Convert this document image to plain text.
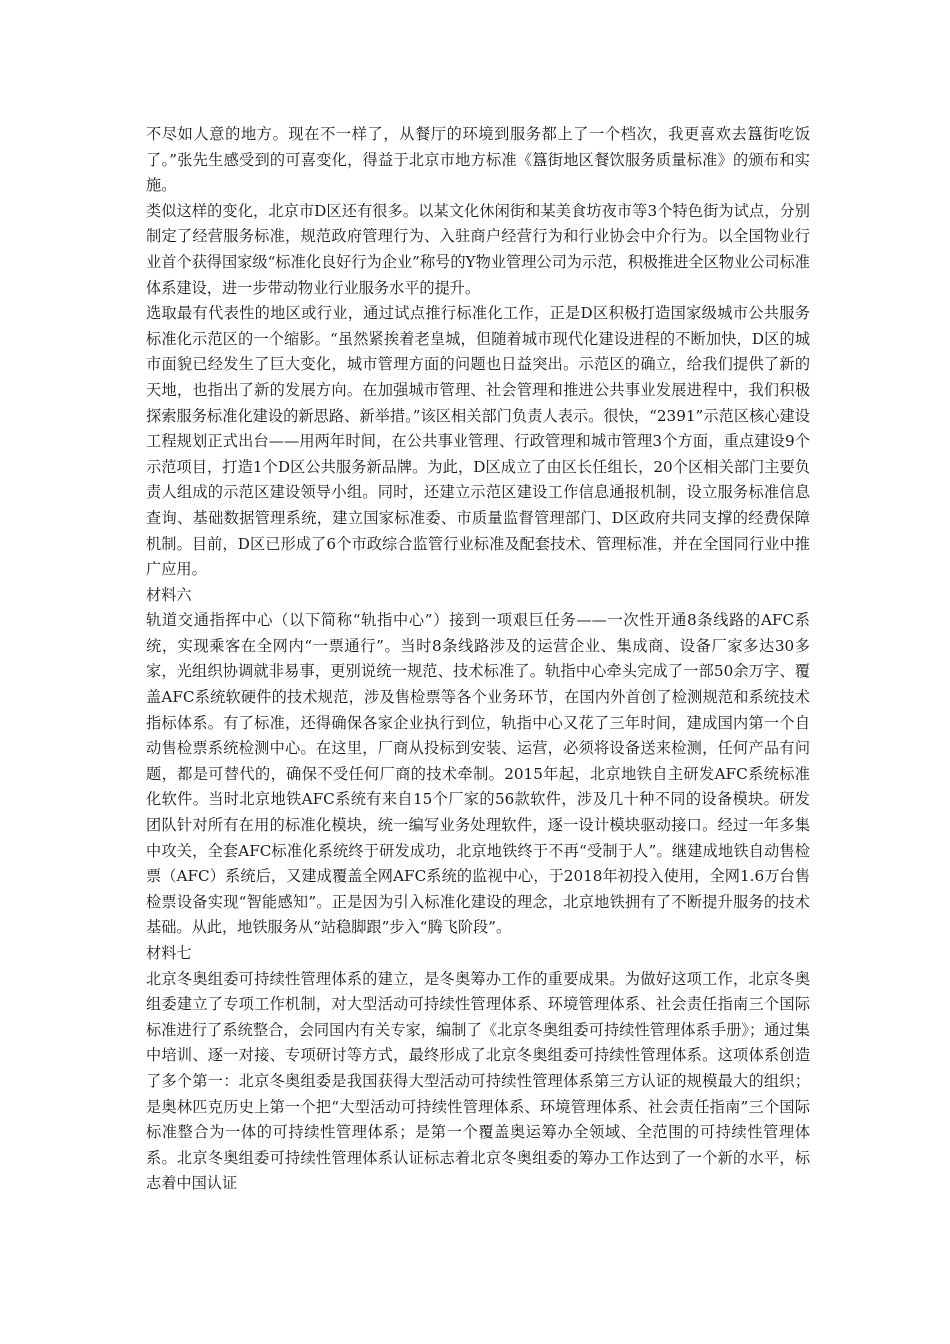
不尽如人意的地方。现在不一样了，从餐厅的环境到服务都上了一个档次，我更喜欢去簋街吃饭了。”张先生感受到的可喜变化，得益于北京市地方标准《簋街地区餐饮服务质量标准》的颁布和实施。

类似这样的变化，北京市D区还有很多。以某文化休闲街和某美食坊夜市等3个特色街为试点，分别制定了经营服务标准，规范政府管理行为、入驻商户经营行为和行业协会中介行为。以全国物业行业首个获得国家级“标准化良好行为企业”称号的Y物业管理公司为示范，积极推进全区物业公司标准体系建设，进一步带动物业行业服务水平的提升。

选取最有代表性的地区或行业，通过试点推行标准化工作，正是D区积极打造国家级城市公共服务标准化示范区的一个缩影。“虽然紧挨着老皇城，但随着城市现代化建设进程的不断加快，D区的城市面貌已经发生了巨大变化，城市管理方面的问题也日益突出。示范区的确立，给我们提供了新的天地，也指出了新的发展方向。在加强城市管理、社会管理和推进公共事业发展进程中，我们积极探索服务标准化建设的新思路、新举措。”该区相关部门负责人表示。很快，“2391”示范区核心建设工程规划正式出台——用两年时间，在公共事业管理、行政管理和城市管理3个方面，重点建设9个示范项目，打造1个D区公共服务新品牌。为此，D区成立了由区长任组长，20个区相关部门主要负责人组成的示范区建设领导小组。同时，还建立示范区建设工作信息通报机制，设立服务标准信息查询、基础数据管理系统，建立国家标准委、市质量监督管理部门、D区政府共同支撑的经费保障机制。目前，D区已形成了6个市政综合监管行业标准及配套技术、管理标准，并在全国同行业中推广应用。

材料六

轨道交通指挥中心（以下简称“轨指中心”）接到一项艰巨任务——一次性开通8条线路的AFC系统，实现乘客在全网内“一票通行”。当时8条线路涉及的运营企业、集成商、设备厂家多达30多家，光组织协调就非易事，更别说统一规范、技术标准了。轨指中心牵头完成了一部50余万字、覆盖AFC系统软硬件的技术规范，涉及售检票等各个业务环节，在国内外首创了检测规范和系统技术指标体系。有了标准，还得确保各家企业执行到位，轨指中心又花了三年时间，建成国内第一个自动售检票系统检测中心。在这里，厂商从投标到安装、运营，必须将设备送来检测，任何产品有问题，都是可替代的，确保不受任何厂商的技术牵制。2015年起，北京地铁自主研发AFC系统标准化软件。当时北京地铁AFC系统有来自15个厂家的56款软件，涉及几十种不同的设备模块。研发团队针对所有在用的标准化模块，统一编写业务处理软件，逐一设计模块驱动接口。经过一年多集中攻关，全套AFC标准化系统终于研发成功，北京地铁终于不再“受制于人”。继建成地铁自动售检票（AFC）系统后，又建成覆盖全网AFC系统的监视中心，于2018年初投入使用，全网1.6万台售检票设备实现“智能感知”。正是因为引入标准化建设的理念，北京地铁拥有了不断提升服务的技术基础。从此，地铁服务从“站稳脚跟”步入“腾飞阶段”。

材料七

北京冬奥组委可持续性管理体系的建立，是冬奥筹办工作的重要成果。为做好这项工作，北京冬奥组委建立了专项工作机制，对大型活动可持续性管理体系、环境管理体系、社会责任指南三个国际标准进行了系统整合，会同国内有关专家，编制了《北京冬奥组委可持续性管理体系手册》；通过集中培训、逐一对接、专项研讨等方式，最终形成了北京冬奥组委可持续性管理体系。这项体系创造了多个第一：北京冬奥组委是我国获得大型活动可持续性管理体系第三方认证的规模最大的组织；是奥林匹克历史上第一个把“大型活动可持续性管理体系、环境管理体系、社会责任指南”三个国际标准整合为一体的可持续性管理体系；是第一个覆盖奥运筹办全领域、全范围的可持续性管理体系。北京冬奥组委可持续性管理体系认证标志着北京冬奥组委的筹办工作达到了一个新的水平，标志着中国认证
